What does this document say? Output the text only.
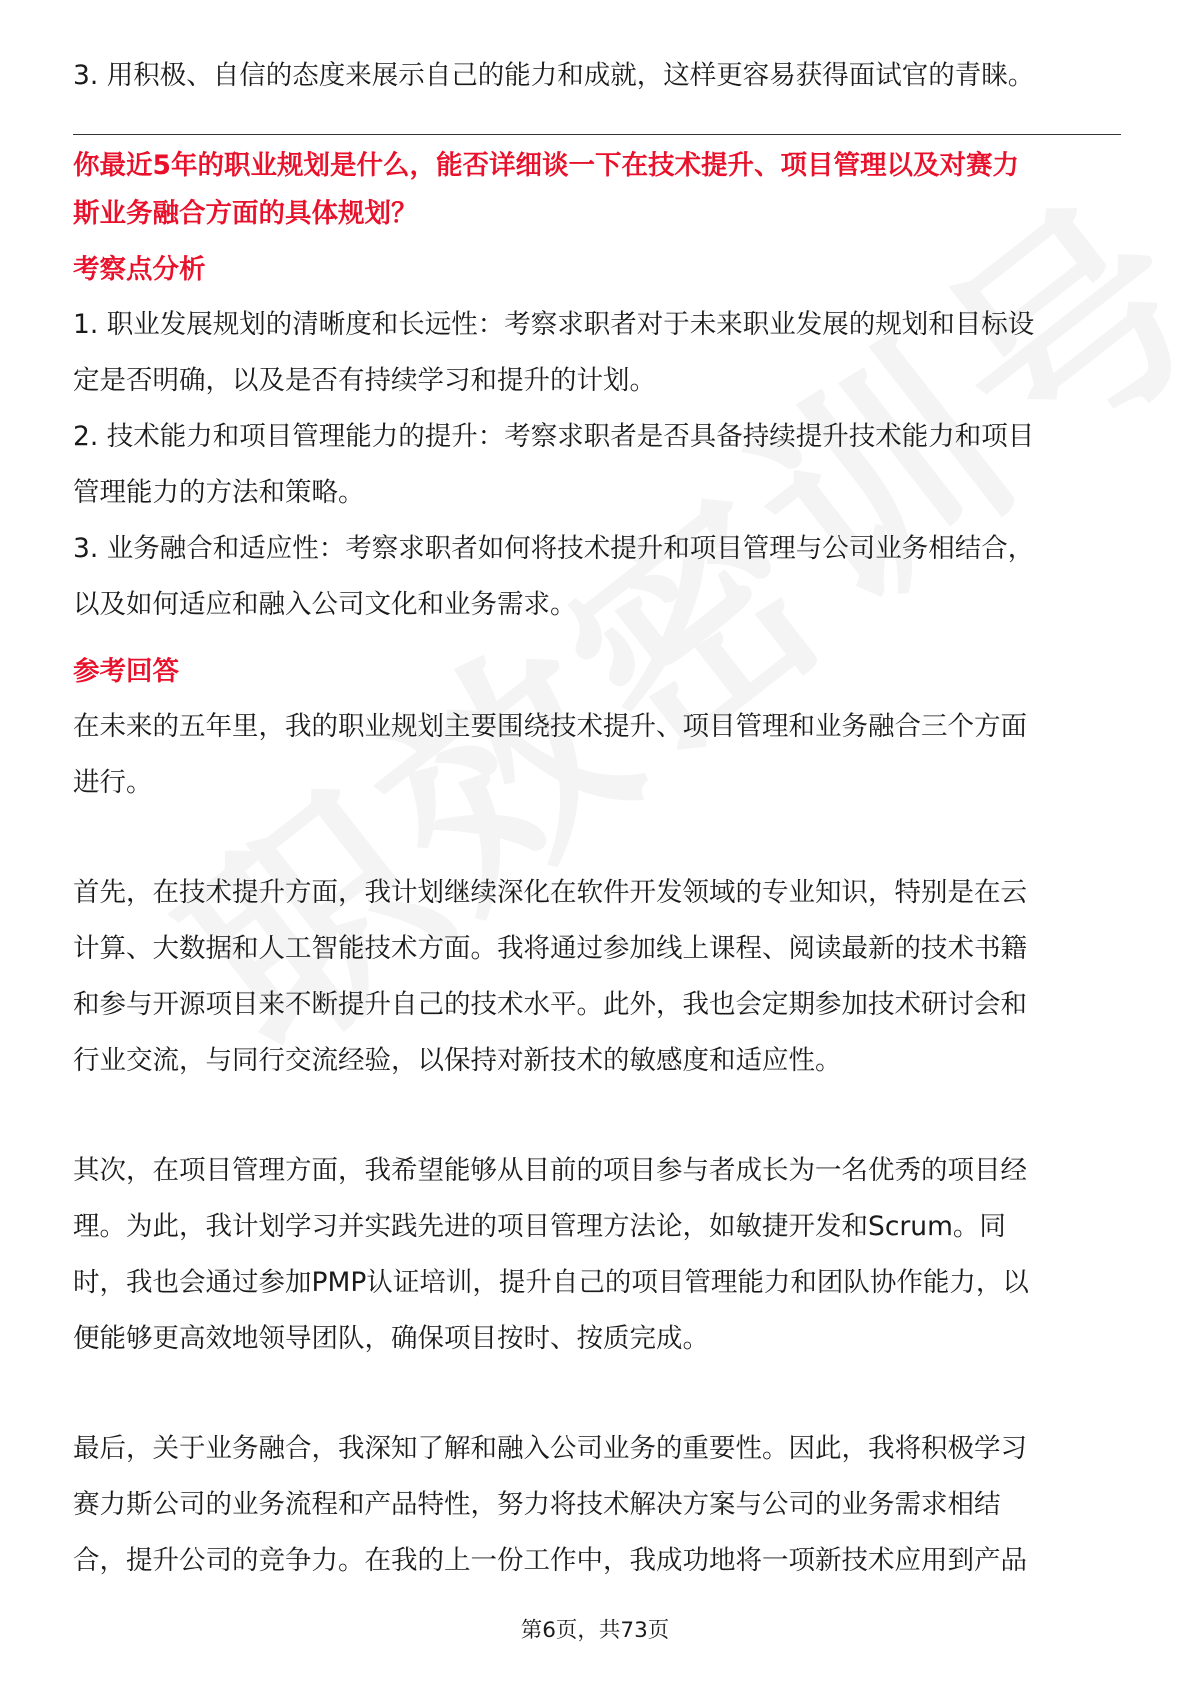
3. 用积极、自信的态度来展示自己的能力和成就，这样更容易获得面试官的青睐。

你最近5年的职业规划是什么，能否详细谈一下在技术提升、项目管理以及对赛力

斯业务融合方面的具体规划？

考察点分析

1. 职业发展规划的清晰度和长远性：考察求职者对于未来职业发展的规划和目标设

定是否明确，以及是否有持续学习和提升的计划。

2. 技术能力和项目管理能力的提升：考察求职者是否具备持续提升技术能力和项目

管理能力的方法和策略。

3. 业务融合和适应性：考察求职者如何将技术提升和项目管理与公司业务相结合，

以及如何适应和融入公司文化和业务需求。

参考回答

在未来的五年里，我的职业规划主要围绕技术提升、项目管理和业务融合三个方面

进行。

首先，在技术提升方面，我计划继续深化在软件开发领域的专业知识，特别是在云

计算、大数据和人工智能技术方面。我将通过参加线上课程、阅读最新的技术书籍

和参与开源项目来不断提升自己的技术水平。此外，我也会定期参加技术研讨会和

行业交流，与同行交流经验，以保持对新技术的敏感度和适应性。

其次，在项目管理方面，我希望能够从目前的项目参与者成长为一名优秀的项目经

理。为此，我计划学习并实践先进的项目管理方法论，如敏捷开发和Scrum。同

时，我也会通过参加PMP认证培训，提升自己的项目管理能力和团队协作能力，以

便能够更高效地领导团队，确保项目按时、按质完成。

最后，关于业务融合，我深知了解和融入公司业务的重要性。因此，我将积极学习

赛力斯公司的业务流程和产品特性，努力将技术解决方案与公司的业务需求相结

合，提升公司的竞争力。在我的上一份工作中，我成功地将一项新技术应用到产品

第6页，共73页
